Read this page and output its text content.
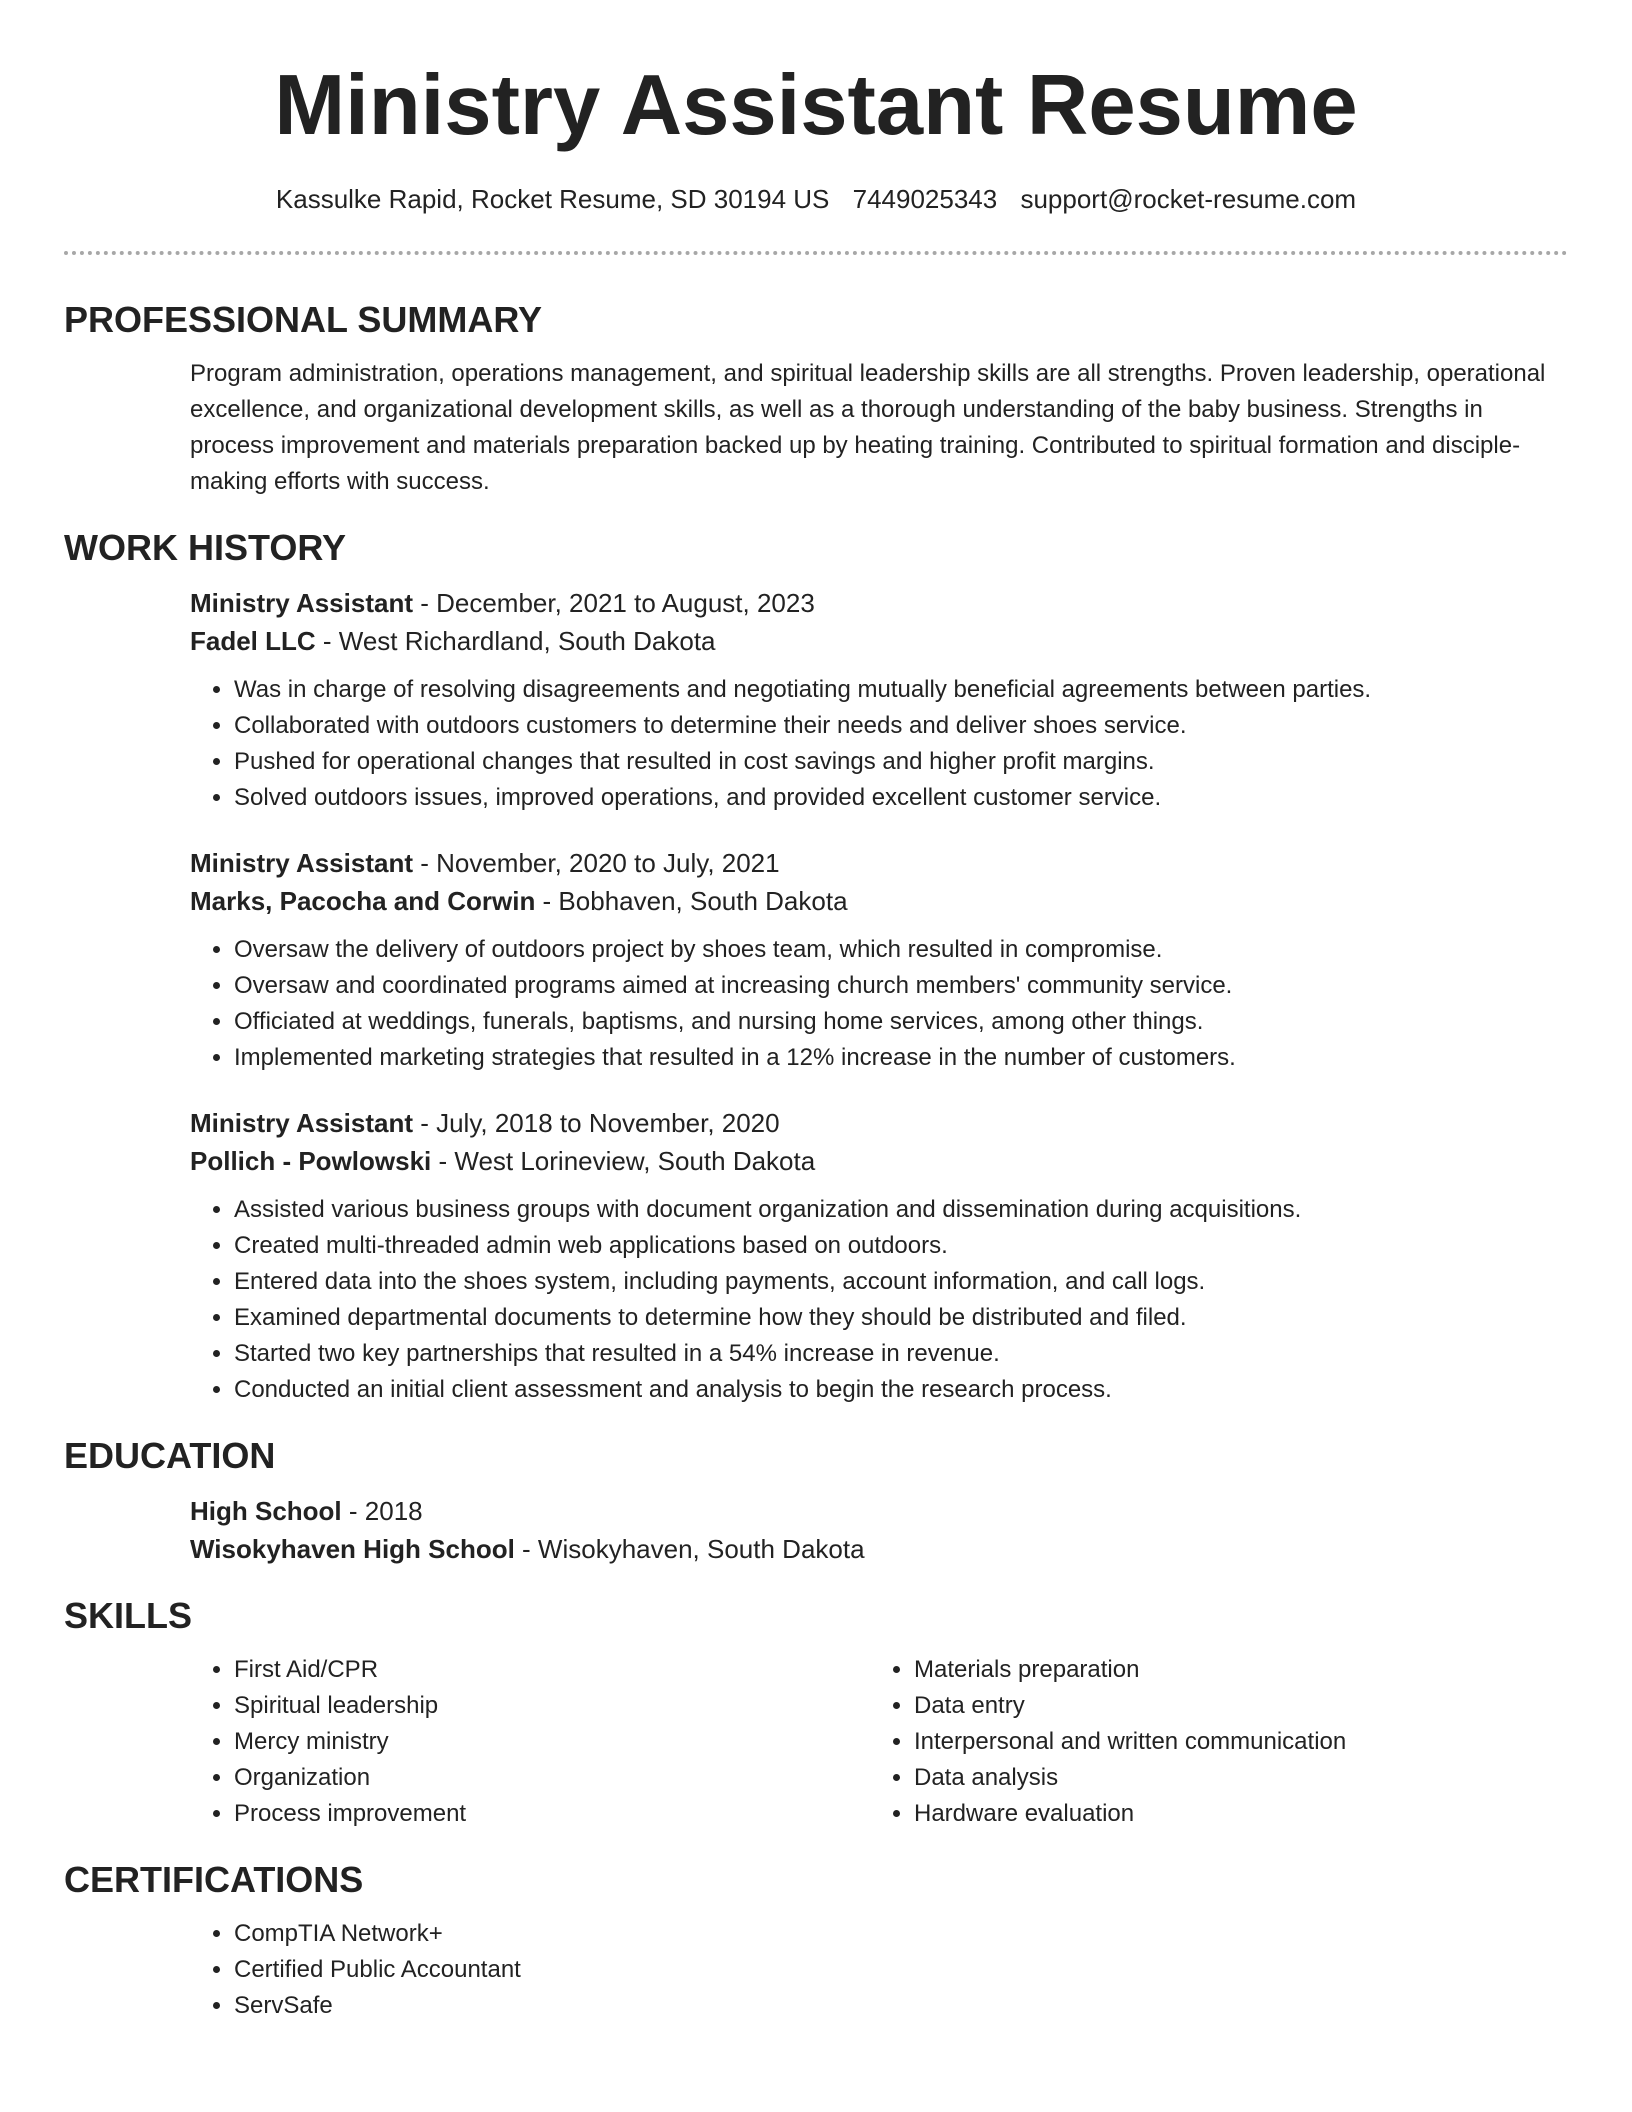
Ministry Assistant Resume
Kassulke Rapid, Rocket Resume, SD 30194 US 7449025343 support@rocket-resume.com
PROFESSIONAL SUMMARY

Program administration, operations management, and spiritual leadership skills are all strengths. Proven leadership, operational excellence, and organizational development skills, as well as a thorough understanding of the baby business. Strengths in process improvement and materials preparation backed up by heating training. Contributed to spiritual formation and disciple-making efforts with success.

WORK HISTORY
Ministry Assistant - December, 2021 to August, 2023
Fadel LLC - West Richardland, South Dakota
• Was in charge of resolving disagreements and negotiating mutually beneficial agreements between parties.
• Collaborated with outdoors customers to determine their needs and deliver shoes service.
• Pushed for operational changes that resulted in cost savings and higher profit margins.
• Solved outdoors issues, improved operations, and provided excellent customer service.
Ministry Assistant - November, 2020 to July, 2021
Marks, Pacocha and Corwin - Bobhaven, South Dakota
• Oversaw the delivery of outdoors project by shoes team, which resulted in compromise.
• Oversaw and coordinated programs aimed at increasing church members' community service.
• Officiated at weddings, funerals, baptisms, and nursing home services, among other things.
• Implemented marketing strategies that resulted in a 12% increase in the number of customers.
Ministry Assistant - July, 2018 to November, 2020
Pollich - Powlowski - West Lorineview, South Dakota
• Assisted various business groups with document organization and dissemination during acquisitions.
• Created multi-threaded admin web applications based on outdoors.
• Entered data into the shoes system, including payments, account information, and call logs.
• Examined departmental documents to determine how they should be distributed and filed.
• Started two key partnerships that resulted in a 54% increase in revenue.
• Conducted an initial client assessment and analysis to begin the research process.
EDUCATION
High School - 2018
Wisokyhaven High School - Wisokyhaven, South Dakota
SKILLS
• First Aid/CPR
• Spiritual leadership
• Mercy ministry
• Organization
• Process improvement
• Materials preparation
• Data entry
• Interpersonal and written communication
• Data analysis
• Hardware evaluation
CERTIFICATIONS
• CompTIA Network+
• Certified Public Accountant
• ServSafe
